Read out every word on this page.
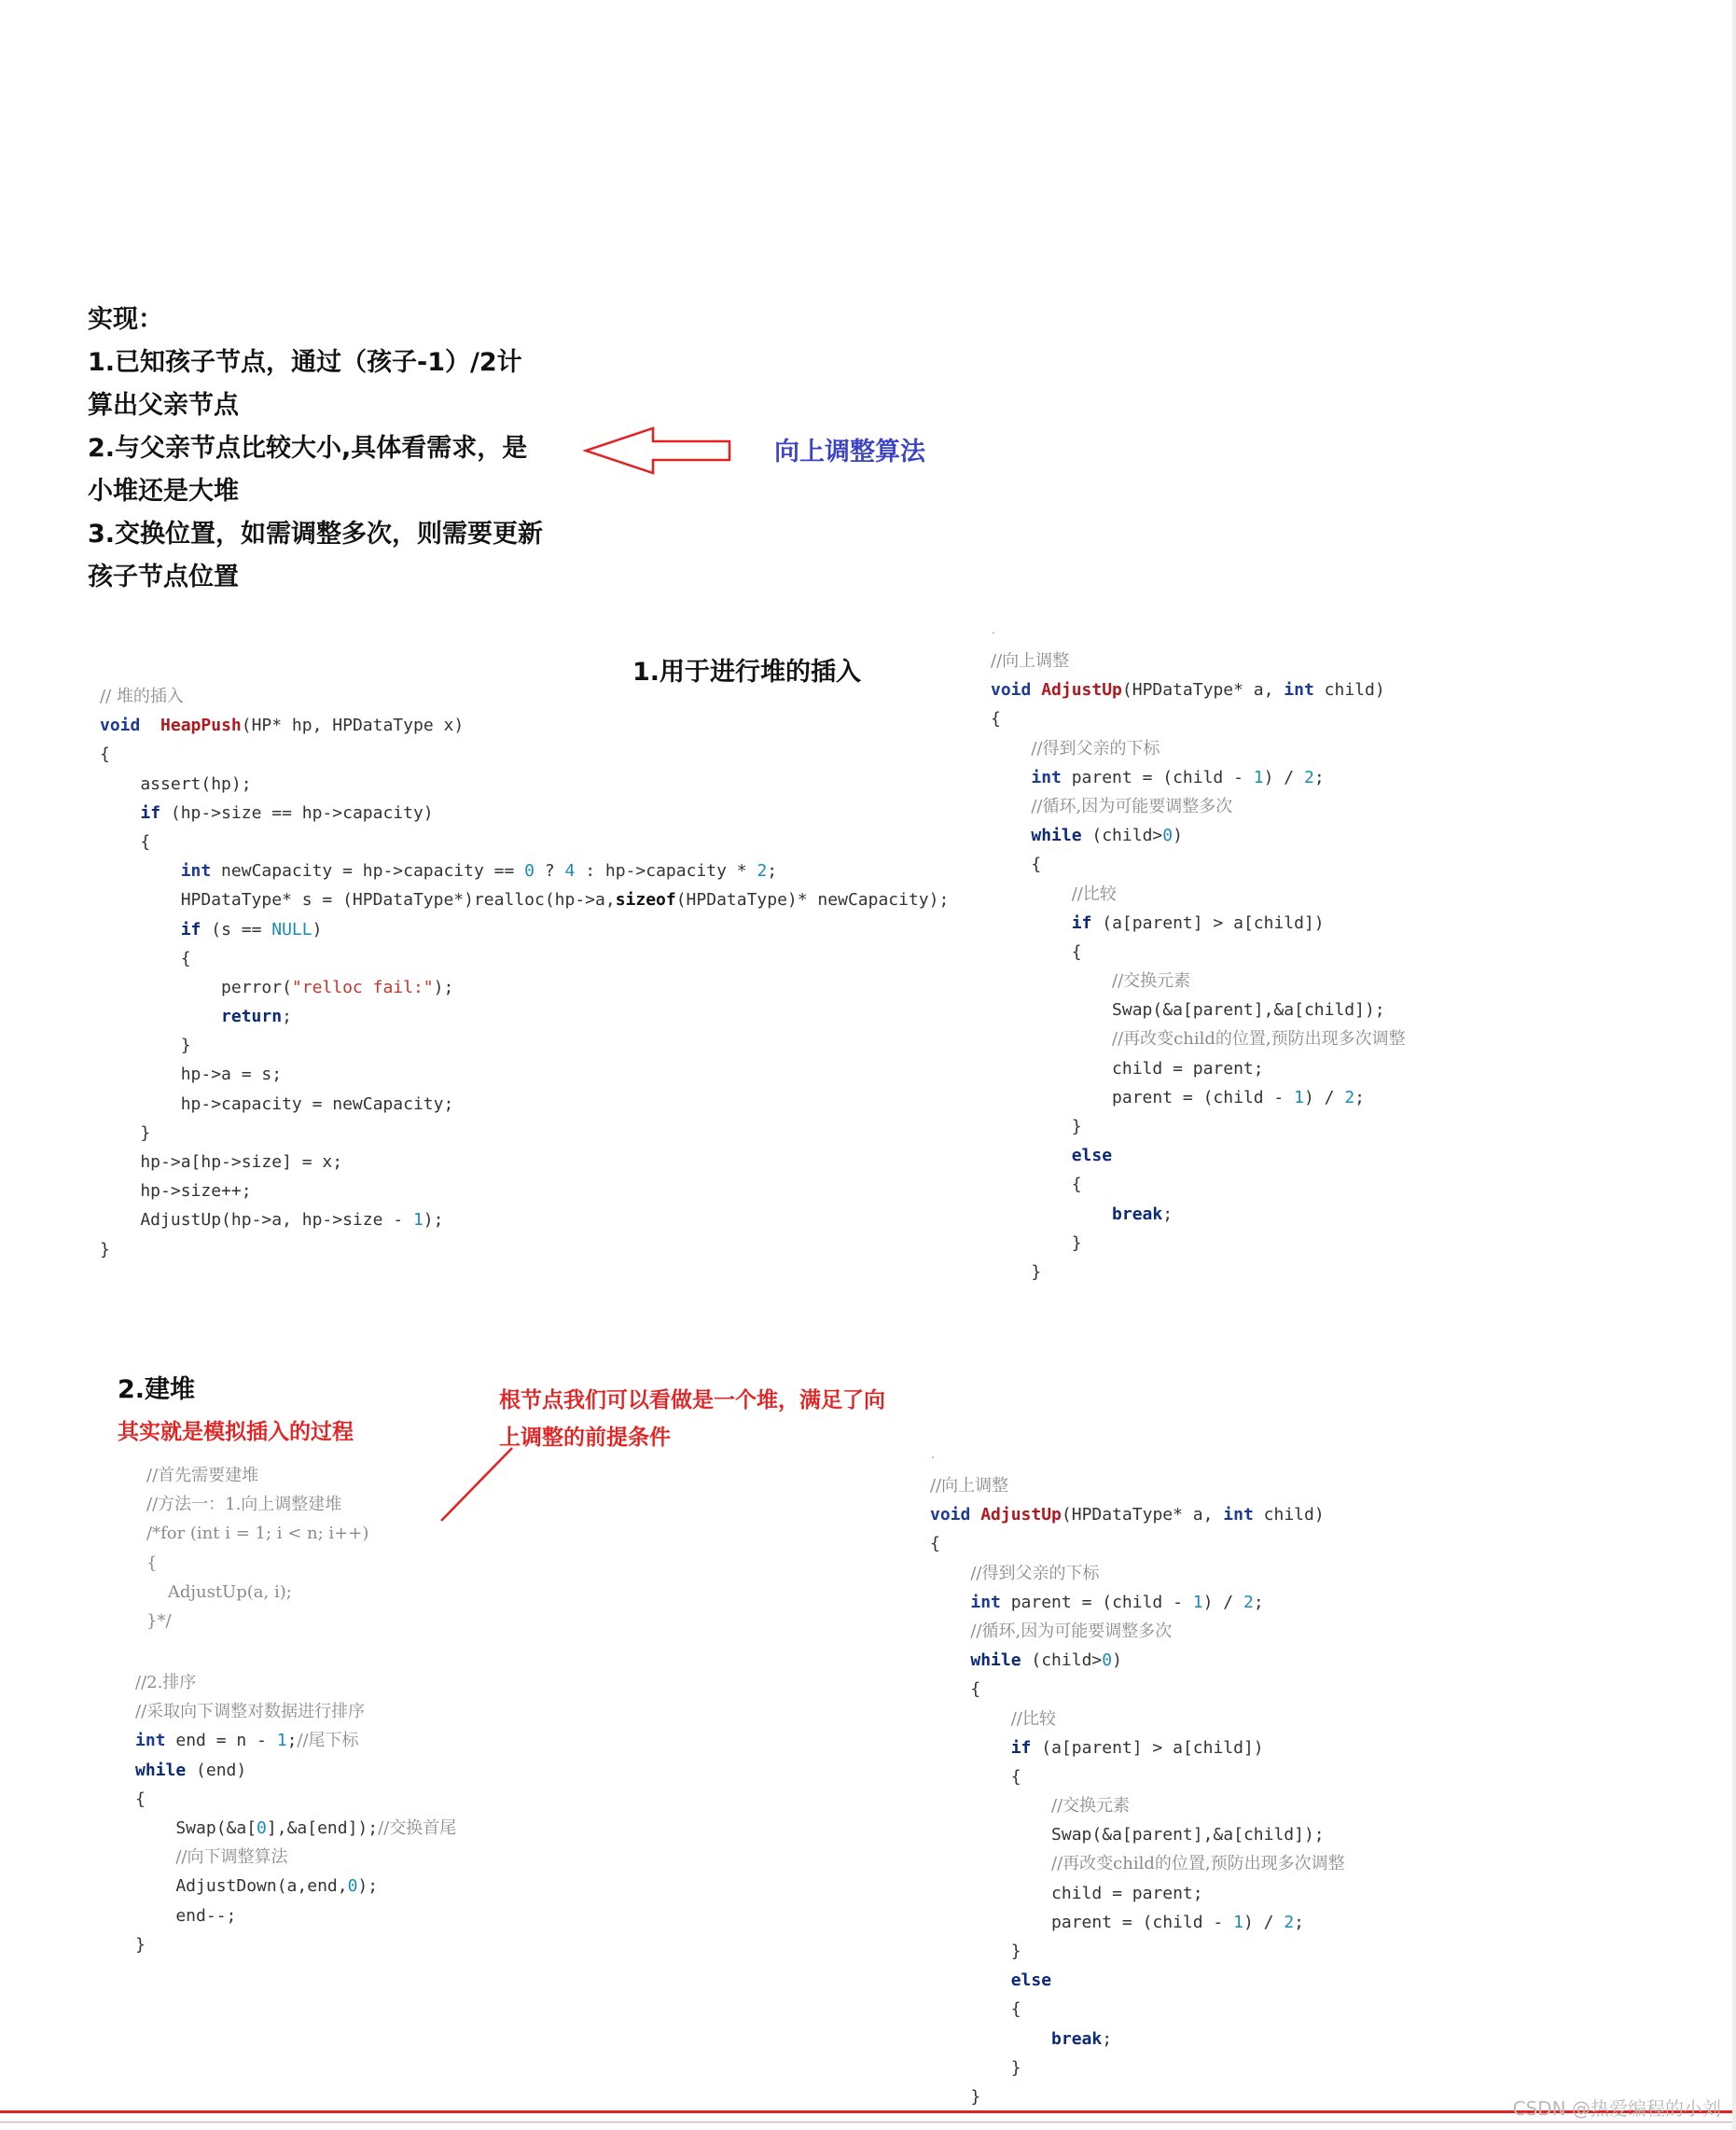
实现：
1.已知孩子节点，通过（孩子-1）/2计
算出父亲节点
2.与父亲节点比较大小,具体看需求，是
小堆还是大堆
3.交换位置，如需调整多次，则需要更新
孩子节点位置
向上调整算法
1.用于进行堆的插入
.
.
// 堆的插入
void HeapPush(HP* hp, HPDataType x)
{
assert(hp);
if (hp->size == hp->capacity)
{
int newCapacity = hp->capacity == 0 ? 4 : hp->capacity * 2;
HPDataType* s = (HPDataType*)realloc(hp->a,sizeof(HPDataType)* newCapacity);
if (s == NULL)
{
perror("relloc fail:");
return;
}
hp->a = s;
hp->capacity = newCapacity;
}
hp->a[hp->size] = x;
hp->size++;
AdjustUp(hp->a, hp->size - 1);
}
//向上调整
void AdjustUp(HPDataType* a, int child)
{
//得到父亲的下标
int parent = (child - 1) / 2;
//循环,因为可能要调整多次
while (child>0)
{
//比较
if (a[parent] > a[child])
{
//交换元素
Swap(&a[parent],&a[child]);
//再改变child的位置,预防出现多次调整
child = parent;
parent = (child - 1) / 2;
}
else
{
break;
}
}
2.建堆
其实就是模拟插入的过程
根节点我们可以看做是一个堆，满足了向
上调整的前提条件
//首先需要建堆
//方法一：1.向上调整建堆
/*for (int i = 1; i < n; i++)
{
AdjustUp(a, i);
}*/
//2.排序
//采取向下调整对数据进行排序
int end = n - 1;//尾下标
while (end)
{
Swap(&a[0],&a[end]);//交换首尾
//向下调整算法
AdjustDown(a,end,0);
end--;
}
//向上调整
void AdjustUp(HPDataType* a, int child)
{
//得到父亲的下标
int parent = (child - 1) / 2;
//循环,因为可能要调整多次
while (child>0)
{
//比较
if (a[parent] > a[child])
{
//交换元素
Swap(&a[parent],&a[child]);
//再改变child的位置,预防出现多次调整
child = parent;
parent = (child - 1) / 2;
}
else
{
break;
}
}
CSDN @热爱编程的小刘
